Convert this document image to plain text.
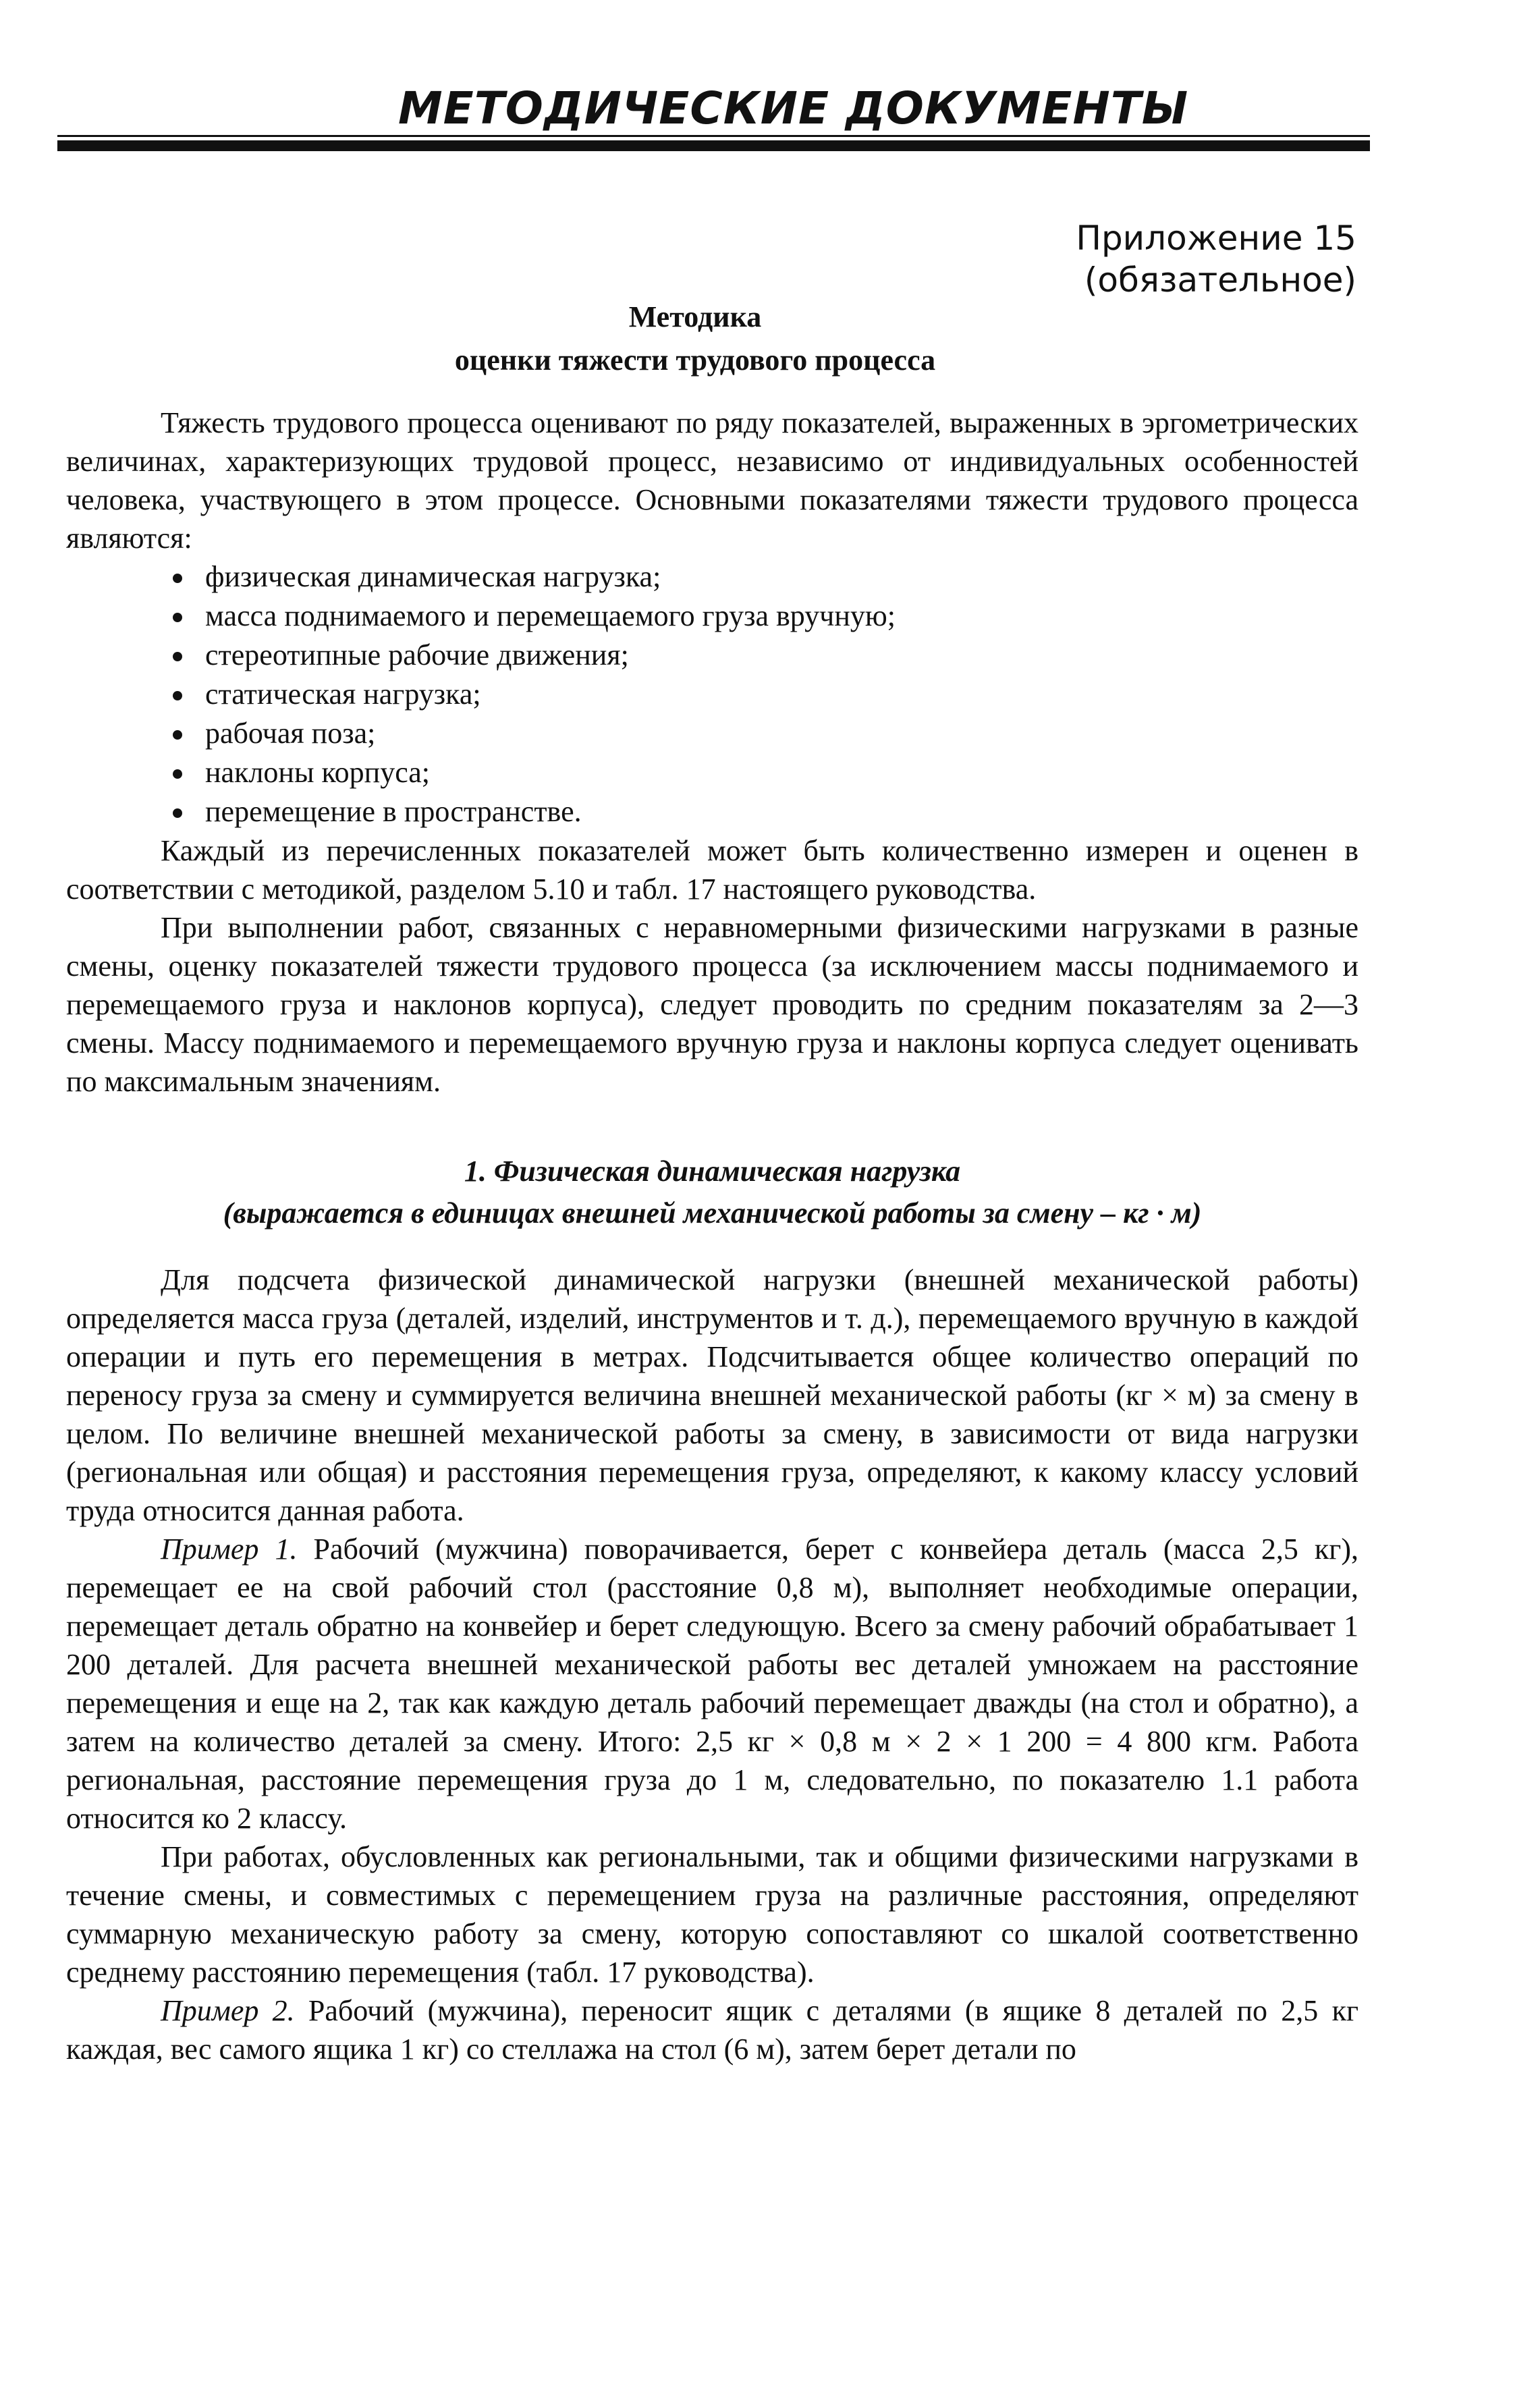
МЕТОДИЧЕСКИЕ ДОКУМЕНТЫ
Приложение 15
(обязательное)
Методика
оценки тяжести трудового процесса

Тяжесть трудового процесса оценивают по ряду показателей, выраженных в эргометрических величинах, характеризующих трудовой процесс, независимо от индивидуальных особенностей человека, участвующего в этом процессе. Основными показателями тяжести трудового процесса являются:

физическая динамическая нагрузка;
масса поднимаемого и перемещаемого груза вручную;
стереотипные рабочие движения;
статическая нагрузка;
рабочая поза;
наклоны корпуса;
перемещение в пространстве.

Каждый из перечисленных показателей может быть количественно измерен и оценен в соответствии с методикой, разделом 5.10 и табл. 17 настоящего руководства.

При выполнении работ, связанных с неравномерными физическими нагрузками в разные смены, оценку показателей тяжести трудового процесса (за исключением массы поднимаемого и перемещаемого груза и наклонов корпуса), следует проводить по средним показателям за 2—3 смены. Массу поднимаемого и перемещаемого вручную груза и наклоны корпуса следует оценивать по максимальным значениям.

1. Физическая динамическая нагрузка
(выражается в единицах внешней механической работы за смену – кг · м)

Для подсчета физической динамической нагрузки (внешней механической работы) определяется масса груза (деталей, изделий, инструментов и т. д.), перемещаемого вручную в каждой операции и путь его перемещения в метрах. Подсчитывается общее количество операций по переносу груза за смену и суммируется величина внешней механической работы (кг × м) за смену в целом. По величине внешней механической работы за смену, в зависимости от вида нагрузки (региональная или общая) и расстояния перемещения груза, определяют, к какому классу условий труда относится данная работа.

Пример 1. Рабочий (мужчина) поворачивается, берет с конвейера деталь (масса 2,5 кг), перемещает ее на свой рабочий стол (расстояние 0,8 м), выполняет необходимые операции, перемещает деталь обратно на конвейер и берет следующую. Всего за смену рабочий обрабатывает 1 200 деталей. Для расчета внешней механической работы вес деталей умножаем на расстояние перемещения и еще на 2, так как каждую деталь рабочий перемещает дважды (на стол и обратно), а затем на количество деталей за смену. Итого: 2,5 кг × 0,8 м × 2 × 1 200 = 4 800 кгм. Работа региональная, расстояние перемещения груза до 1 м, следовательно, по показателю 1.1 работа относится ко 2 классу.

При работах, обусловленных как региональными, так и общими физическими нагрузками в течение смены, и совместимых с перемещением груза на различные расстояния, определяют суммарную механическую работу за смену, которую сопоставляют со шкалой соответственно среднему расстоянию перемещения (табл. 17 руководства).

Пример 2. Рабочий (мужчина), переносит ящик с деталями (в ящике 8 деталей по 2,5 кг каждая, вес самого ящика 1 кг) со стеллажа на стол (6 м), затем берет детали по
